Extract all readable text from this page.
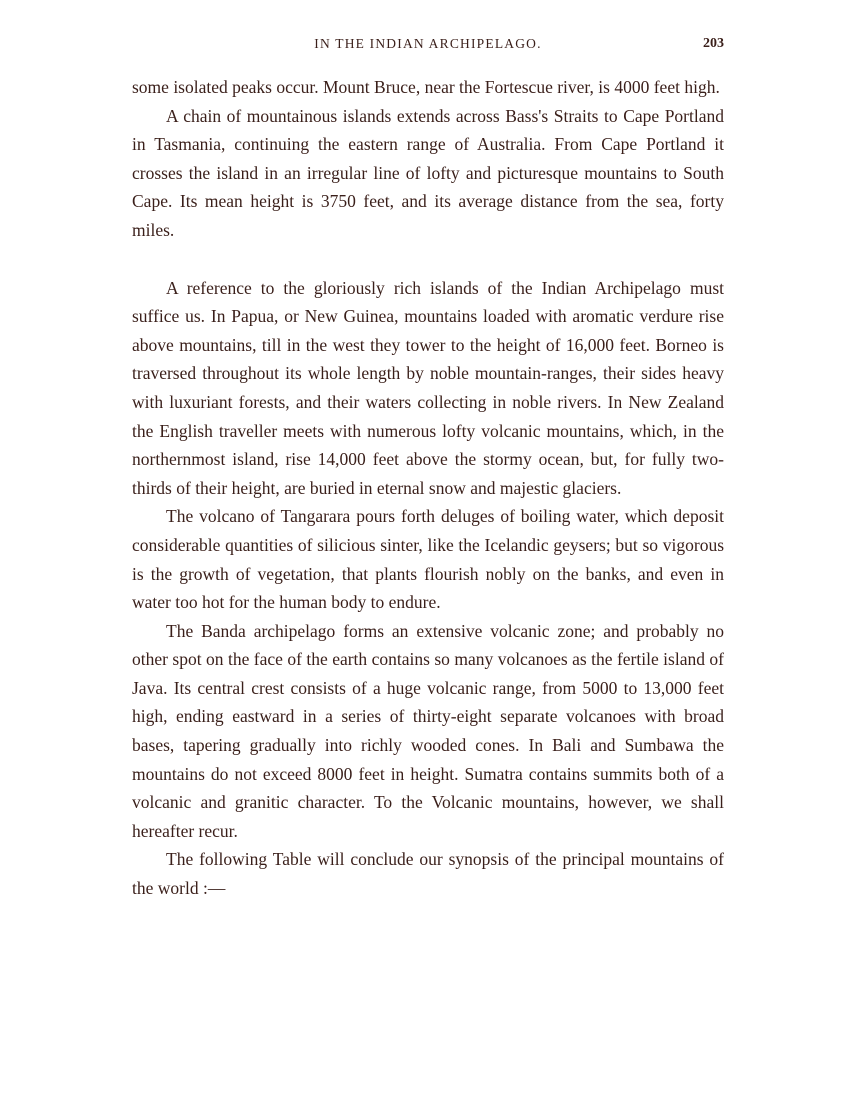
IN THE INDIAN ARCHIPELAGO.	203

some isolated peaks occur. Mount Bruce, near the Fortescue river, is 4000 feet high.

A chain of mountainous islands extends across Bass's Straits to Cape Portland in Tasmania, continuing the eastern range of Australia. From Cape Portland it crosses the island in an irregular line of lofty and picturesque mountains to South Cape. Its mean height is 3750 feet, and its average distance from the sea, forty miles.

A reference to the gloriously rich islands of the Indian Archipelago must suffice us. In Papua, or New Guinea, mountains loaded with aromatic verdure rise above mountains, till in the west they tower to the height of 16,000 feet. Borneo is traversed throughout its whole length by noble mountain-ranges, their sides heavy with luxuriant forests, and their waters collecting in noble rivers. In New Zealand the English traveller meets with numerous lofty volcanic mountains, which, in the northernmost island, rise 14,000 feet above the stormy ocean, but, for fully two-thirds of their height, are buried in eternal snow and majestic glaciers.

The volcano of Tangarara pours forth deluges of boiling water, which deposit considerable quantities of silicious sinter, like the Icelandic geysers; but so vigorous is the growth of vegetation, that plants flourish nobly on the banks, and even in water too hot for the human body to endure.

The Banda archipelago forms an extensive volcanic zone; and probably no other spot on the face of the earth contains so many volcanoes as the fertile island of Java. Its central crest consists of a huge volcanic range, from 5000 to 13,000 feet high, ending eastward in a series of thirty-eight separate volcanoes with broad bases, tapering gradually into richly wooded cones. In Bali and Sumbawa the mountains do not exceed 8000 feet in height. Sumatra contains summits both of a volcanic and granitic character. To the Volcanic mountains, however, we shall hereafter recur.

The following Table will conclude our synopsis of the principal mountains of the world :—
